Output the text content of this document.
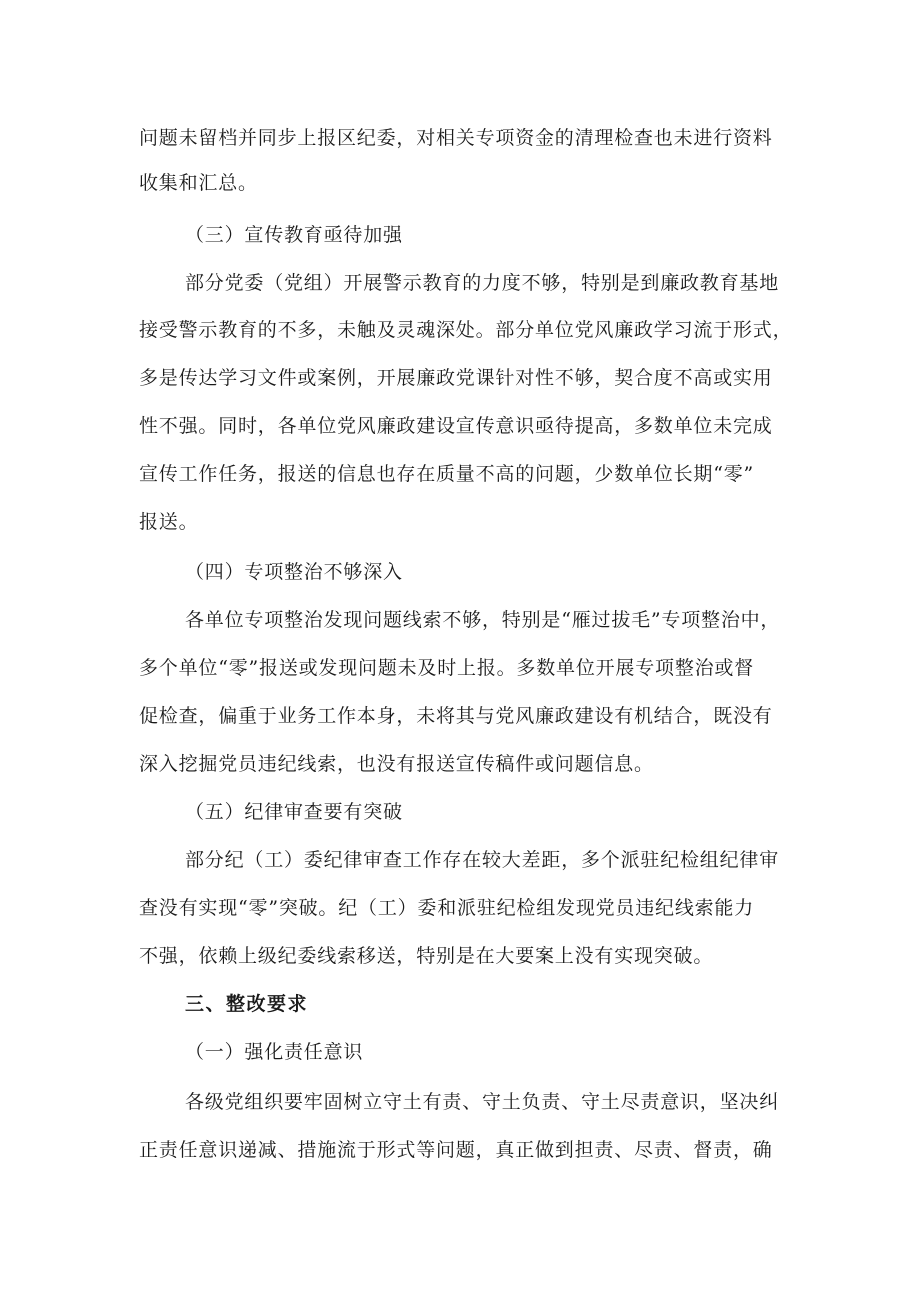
问题未留档并同步上报区纪委，对相关专项资金的清理检查也未进行资料
收集和汇总。
（三）宣传教育亟待加强
部分党委（党组）开展警示教育的力度不够，特别是到廉政教育基地
接受警示教育的不多，未触及灵魂深处。部分单位党风廉政学习流于形式，
多是传达学习文件或案例，开展廉政党课针对性不够，契合度不高或实用
性不强。同时，各单位党风廉政建设宣传意识亟待提高，多数单位未完成
宣传工作任务，报送的信息也存在质量不高的问题，少数单位长期“零”
报送。
（四）专项整治不够深入
各单位专项整治发现问题线索不够，特别是“雁过拔毛”专项整治中，
多个单位“零”报送或发现问题未及时上报。多数单位开展专项整治或督
促检查，偏重于业务工作本身，未将其与党风廉政建设有机结合，既没有
深入挖掘党员违纪线索，也没有报送宣传稿件或问题信息。
（五）纪律审查要有突破
部分纪（工）委纪律审查工作存在较大差距，多个派驻纪检组纪律审
查没有实现“零”突破。纪（工）委和派驻纪检组发现党员违纪线索能力
不强，依赖上级纪委线索移送，特别是在大要案上没有实现突破。
三、整改要求
（一）强化责任意识
各级党组织要牢固树立守土有责、守土负责、守土尽责意识，坚决纠
正责任意识递减、措施流于形式等问题，真正做到担责、尽责、督责，确
